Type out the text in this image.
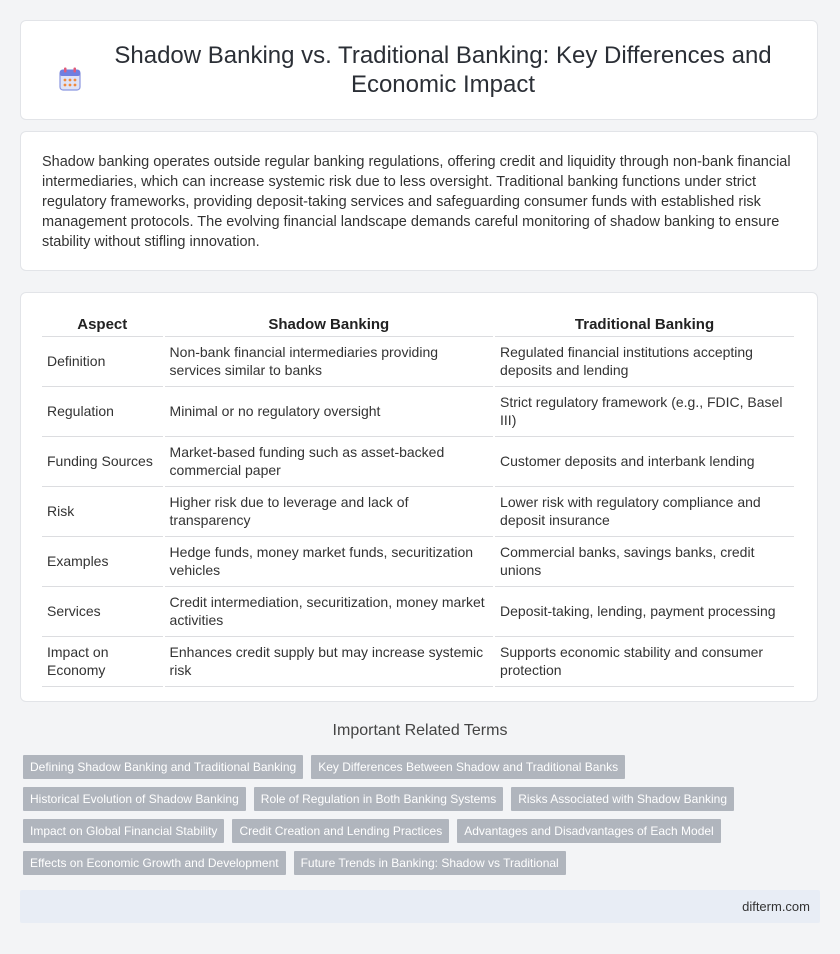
Shadow Banking vs. Traditional Banking: Key Differences and Economic Impact

Shadow banking operates outside regular banking regulations, offering credit and liquidity through non-bank financial intermediaries, which can increase systemic risk due to less oversight. Traditional banking functions under strict regulatory frameworks, providing deposit-taking services and safeguarding consumer funds with established risk management protocols. The evolving financial landscape demands careful monitoring of shadow banking to ensure stability without stifling innovation.

Aspect	Shadow Banking	Traditional Banking
Definition	Non-bank financial intermediaries providing services similar to banks	Regulated financial institutions accepting deposits and lending
Regulation	Minimal or no regulatory oversight	Strict regulatory framework (e.g., FDIC, Basel III)
Funding Sources	Market-based funding such as asset-backed commercial paper	Customer deposits and interbank lending
Risk	Higher risk due to leverage and lack of transparency	Lower risk with regulatory compliance and deposit insurance
Examples	Hedge funds, money market funds, securitization vehicles	Commercial banks, savings banks, credit unions
Services	Credit intermediation, securitization, money market activities	Deposit-taking, lending, payment processing
Impact on Economy	Enhances credit supply but may increase systemic risk	Supports economic stability and consumer protection
Important Related Terms
Defining Shadow Banking and Traditional Banking	Key Differences Between Shadow and Traditional Banks
Historical Evolution of Shadow Banking	Role of Regulation in Both Banking Systems	Risks Associated with Shadow Banking
Impact on Global Financial Stability	Credit Creation and Lending Practices	Advantages and Disadvantages of Each Model
Effects on Economic Growth and Development	Future Trends in Banking: Shadow vs Traditional
difterm.com
